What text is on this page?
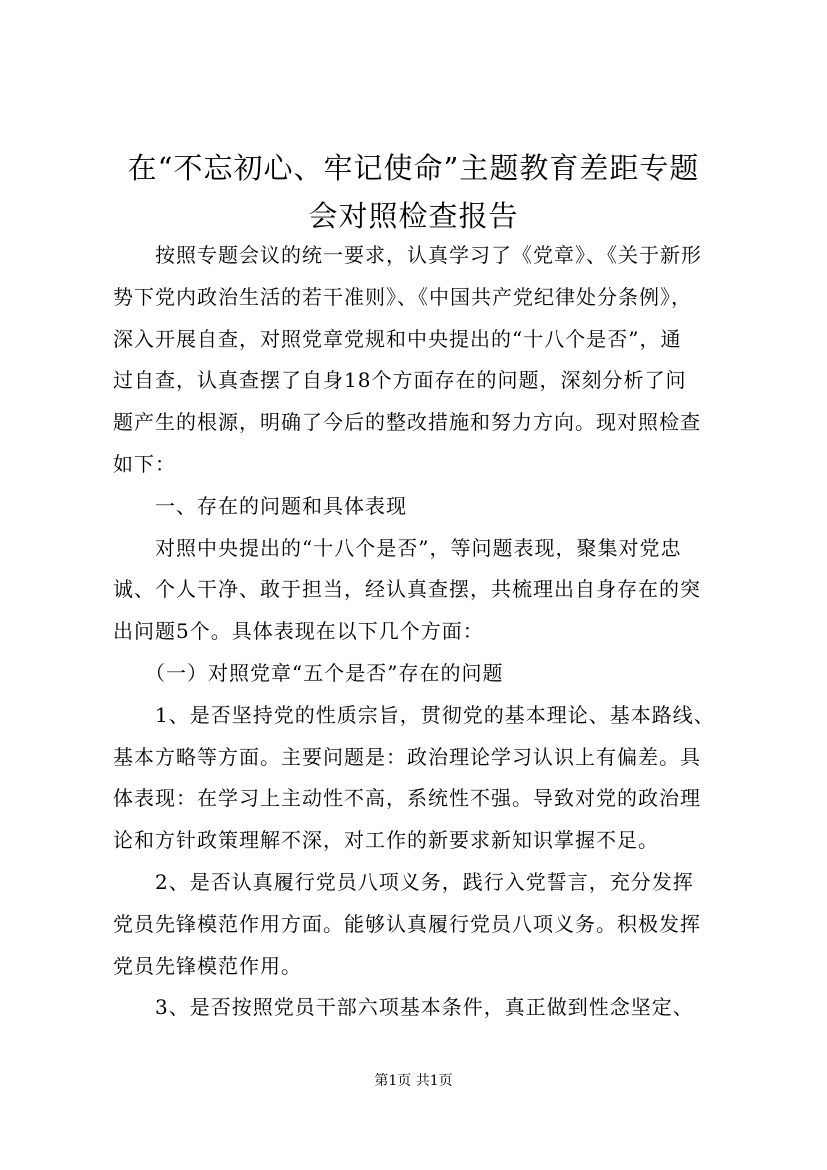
在“不忘初心、牢记使命”主题教育差距专题
会对照检查报告
　　按照专题会议的统一要求，认真学习了《党章》、《关于新形
势下党内政治生活的若干准则》、《中国共产党纪律处分条例》，
深入开展自查，对照党章党规和中央提出的“十八个是否”，通
过自查，认真查摆了自身18个方面存在的问题，深刻分析了问
题产生的根源，明确了今后的整改措施和努力方向。现对照检查
如下：
　　一、存在的问题和具体表现
　　对照中央提出的“十八个是否”，等问题表现，聚集对党忠
诚、个人干净、敢于担当，经认真查摆，共梳理出自身存在的突
出问题5个。具体表现在以下几个方面：
　　（一）对照党章“五个是否”存在的问题
　　1、是否坚持党的性质宗旨，贯彻党的基本理论、基本路线、
基本方略等方面。主要问题是：政治理论学习认识上有偏差。具
体表现：在学习上主动性不高，系统性不强。导致对党的政治理
论和方针政策理解不深，对工作的新要求新知识掌握不足。
　　2、是否认真履行党员八项义务，践行入党誓言，充分发挥
党员先锋模范作用方面。能够认真履行党员八项义务。积极发挥
党员先锋模范作用。
　　3、是否按照党员干部六项基本条件，真正做到性念坚定、
第1页 共1页
